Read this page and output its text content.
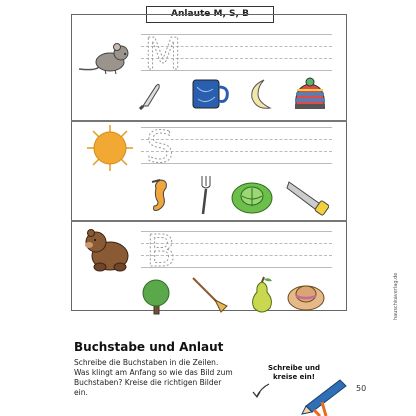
Anlaute M, S, B
M
S
B
hauschkaverlag.de
Buchstabe und Anlaut
Schreibe die Buchstaben in die Zeilen. Was klingt am Anfang so wie das Bild zum Buchstaben? Kreise die richtigen Bilder ein.
Schreibe und kreise ein!
50
